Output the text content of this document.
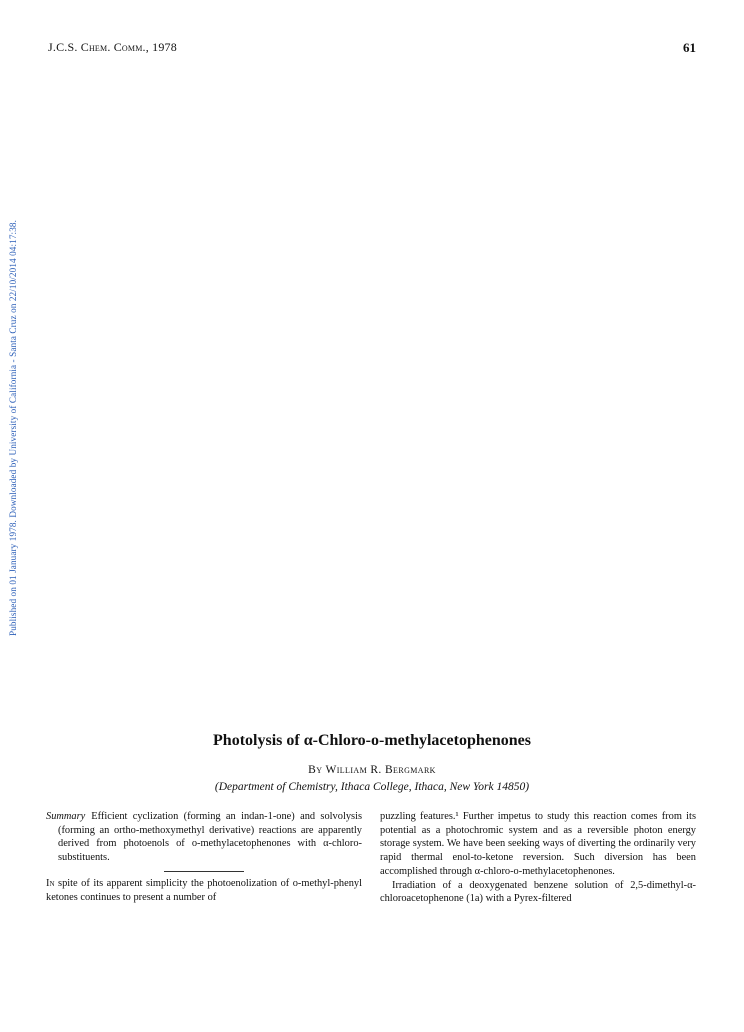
J.C.S. Chem. Comm., 1978	61
Published on 01 January 1978. Downloaded by University of California - Santa Cruz on 22/10/2014 04:17:38.
Photolysis of α-Chloro-o-methylacetophenones
By William R. Bergmark
(Department of Chemistry, Ithaca College, Ithaca, New York 14850)

Summary Efficient cyclization (forming an indan-1-one) and solvolysis (forming an ortho-methoxymethyl derivative) reactions are apparently derived from photoenols of o-methylacetophenones with α-chloro-substituents.

In spite of its apparent simplicity the photoenolization of o-methyl-phenyl ketones continues to present a number of

puzzling features.¹ Further impetus to study this reaction comes from its potential as a photochromic system and as a reversible photon energy storage system. We have been seeking ways of diverting the ordinarily very rapid thermal enol-to-ketone reversion. Such diversion has been accomplished through α-chloro-o-methylacetophenones.

Irradiation of a deoxygenated benzene solution of 2,5-dimethyl-α-chloroacetophenone (1a) with a Pyrex-filtered
